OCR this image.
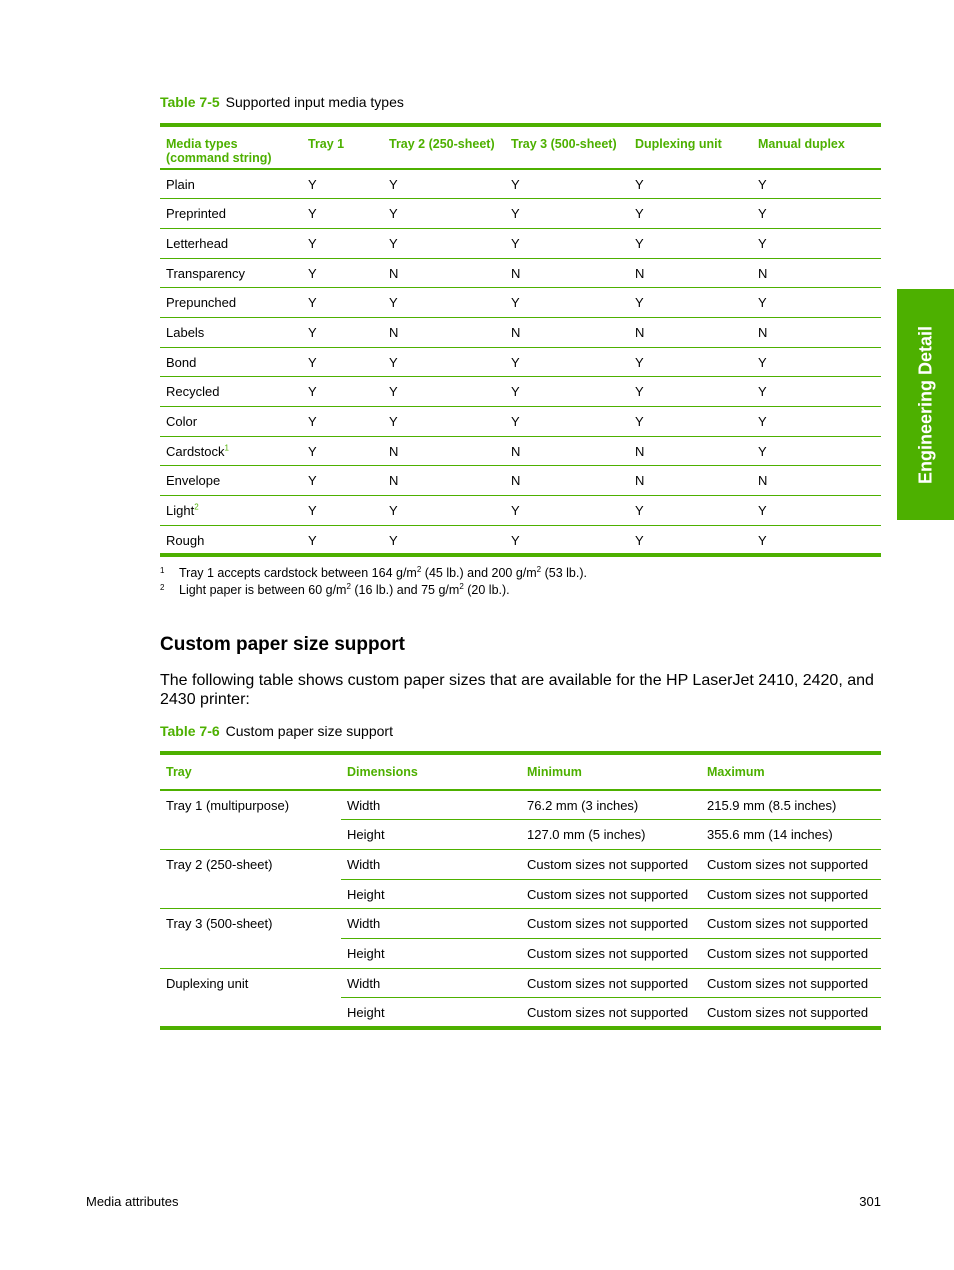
Table 7-5 Supported input media types
Media types (command string)	Tray 1	Tray 2 (250-sheet)	Tray 3 (500-sheet)	Duplexing unit	Manual duplex
Plain	Y	Y	Y	Y	Y
Preprinted	Y	Y	Y	Y	Y
Letterhead	Y	Y	Y	Y	Y
Transparency	Y	N	N	N	N
Prepunched	Y	Y	Y	Y	Y
Labels	Y	N	N	N	N
Bond	Y	Y	Y	Y	Y
Recycled	Y	Y	Y	Y	Y
Color	Y	Y	Y	Y	Y
Cardstock$^1$	Y	N	N	N	Y
Envelope	Y	N	N	N	N
Light$^2$	Y	Y	Y	Y	Y
Rough	Y	Y	Y	Y	Y
1 Tray 1 accepts cardstock between 164 $g/m^2$ (45 lb.) and 200 $g/m^2$ (53 lb.).
2 Light paper is between 60 $g/m^2$ (16 lb.) and 75 $g/m^2$ (20 lb.).
Custom paper size support

The following table shows custom paper sizes that are available for the HP LaserJet 2410, 2420, and 2430 printer:

Table 7-6 Custom paper size support
Tray	Dimensions	Minimum	Maximum
Tray 1 (multipurpose)	Width	76.2 mm (3 inches)	215.9 mm (8.5 inches)
	Height	127.0 mm (5 inches)	355.6 mm (14 inches)
Tray 2 (250-sheet)	Width	Custom sizes not supported	Custom sizes not supported
	Height	Custom sizes not supported	Custom sizes not supported
Tray 3 (500-sheet)	Width	Custom sizes not supported	Custom sizes not supported
	Height	Custom sizes not supported	Custom sizes not supported
Duplexing unit	Width	Custom sizes not supported	Custom sizes not supported
	Height	Custom sizes not supported	Custom sizes not supported
Engineering Detail
Media attributes	301
